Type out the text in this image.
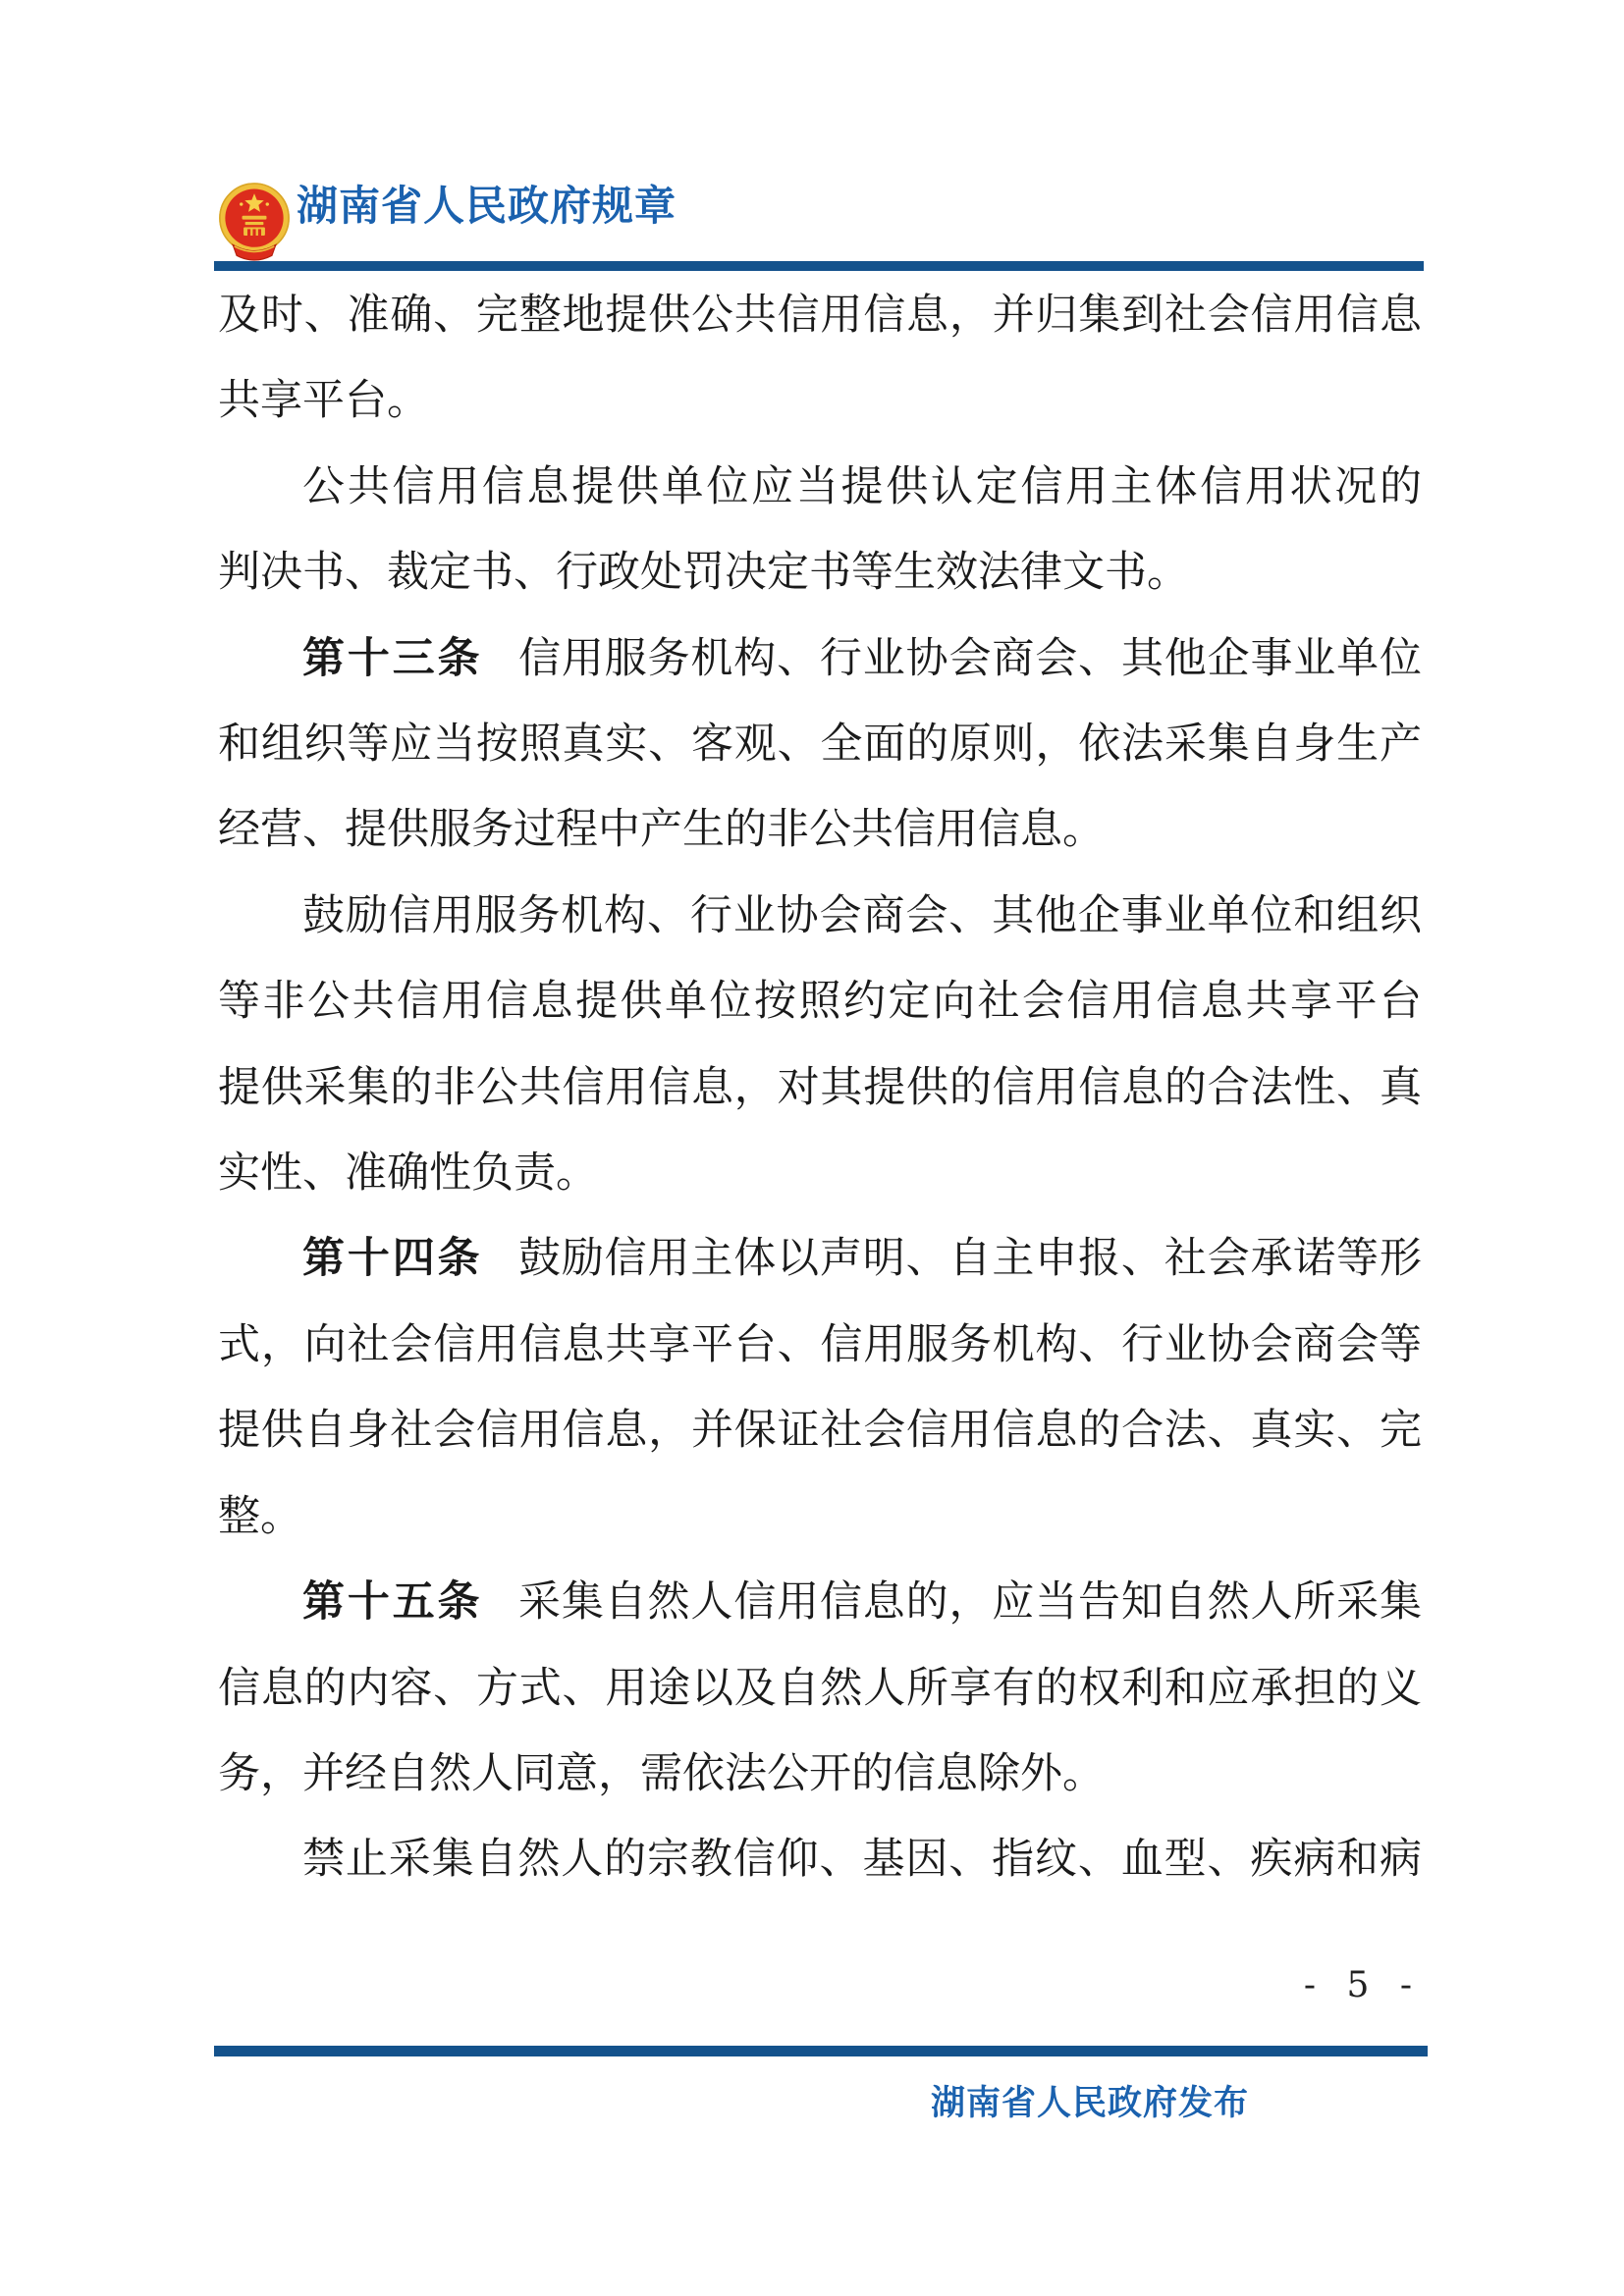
湖南省人民政府规章

及时、准确、完整地提供公共信用信息，并归集到社会信用信息

共享平台。

公共信用信息提供单位应当提供认定信用主体信用状况的

判决书、裁定书、行政处罚决定书等生效法律文书。

第十三条 信用服务机构、行业协会商会、其他企事业单位

和组织等应当按照真实、客观、全面的原则，依法采集自身生产

经营、提供服务过程中产生的非公共信用信息。

鼓励信用服务机构、行业协会商会、其他企事业单位和组织

等非公共信用信息提供单位按照约定向社会信用信息共享平台

提供采集的非公共信用信息，对其提供的信用信息的合法性、真

实性、准确性负责。

第十四条 鼓励信用主体以声明、自主申报、社会承诺等形

式，向社会信用信息共享平台、信用服务机构、行业协会商会等

提供自身社会信用信息，并保证社会信用信息的合法、真实、完

整。

第十五条 采集自然人信用信息的，应当告知自然人所采集

信息的内容、方式、用途以及自然人所享有的权利和应承担的义

务，并经自然人同意，需依法公开的信息除外。

禁止采集自然人的宗教信仰、基因、指纹、血型、疾病和病

- 5 -
湖南省人民政府发布
